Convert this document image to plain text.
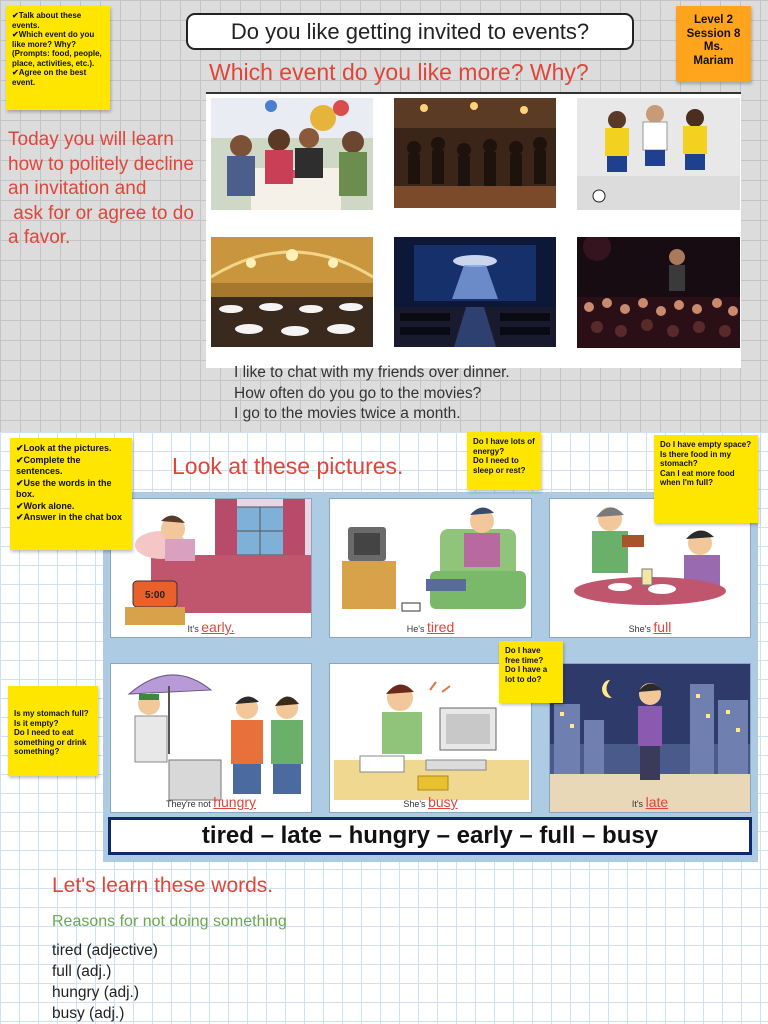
✔Talk about these events.
✔Which event do you like more? Why? (Prompts: food, people, place, activities, etc.).
✔Agree on the best event.
Do you like getting invited to events?
Which event do you like more? Why?
Level 2
Session 8
Ms.
Mariam
Today you will learn how to politely decline an invitation and
ask for or agree to do a favor.
I like to chat with my friends over dinner.
How often do you go to the movies?
I go to the movies twice a month.
5:00
It's early.	He's tired	She's full
They're not hungry	She's busy	It's late
tired – late – hungry – early – full – busy
✔Look at the pictures.
✔Complete the sentences.
✔Use the words in the box.
✔Work alone.
✔Answer in the chat box
Look at these pictures.
Do I have lots of energy?
Do I need to sleep or rest?
Do I have empty space?
Is there food in my stomach?
Can I eat more food when I'm full?
Do I have free time?
Do I have a lot to do?
Is my stomach full?
Is it empty?
Do I need to eat something or drink something?
Let's learn these words.
Reasons for not doing something
tired (adjective)
full (adj.)
hungry (adj.)
busy (adj.)
